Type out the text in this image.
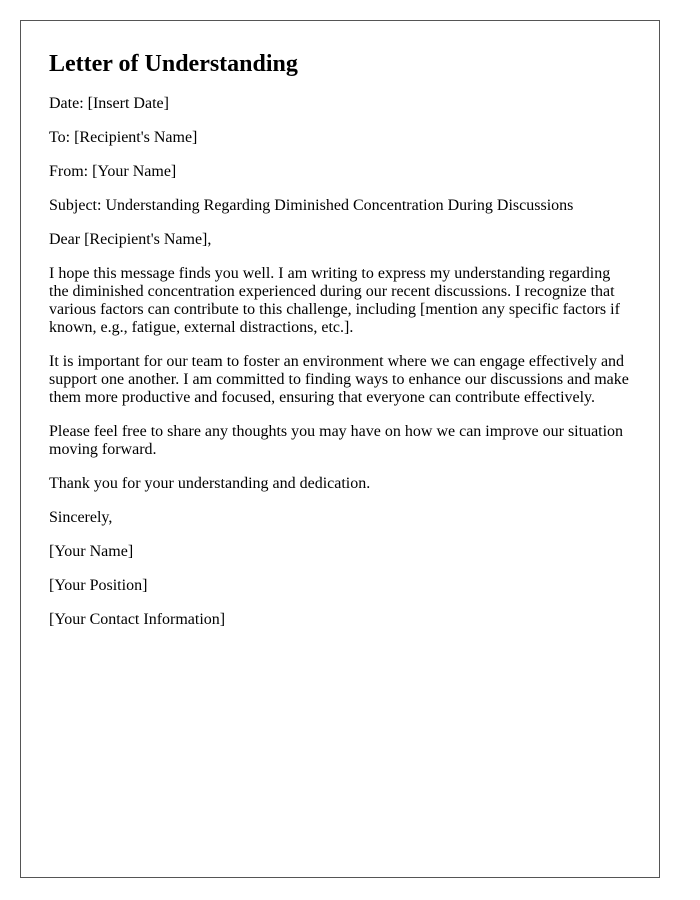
Letter of Understanding

Date: [Insert Date]

To: [Recipient's Name]

From: [Your Name]

Subject: Understanding Regarding Diminished Concentration During Discussions

Dear [Recipient's Name],

I hope this message finds you well. I am writing to express my understanding regarding the diminished concentration experienced during our recent discussions. I recognize that various factors can contribute to this challenge, including [mention any specific factors if known, e.g., fatigue, external distractions, etc.].

It is important for our team to foster an environment where we can engage effectively and support one another. I am committed to finding ways to enhance our discussions and make them more productive and focused, ensuring that everyone can contribute effectively.

Please feel free to share any thoughts you may have on how we can improve our situation moving forward.

Thank you for your understanding and dedication.

Sincerely,

[Your Name]

[Your Position]

[Your Contact Information]
